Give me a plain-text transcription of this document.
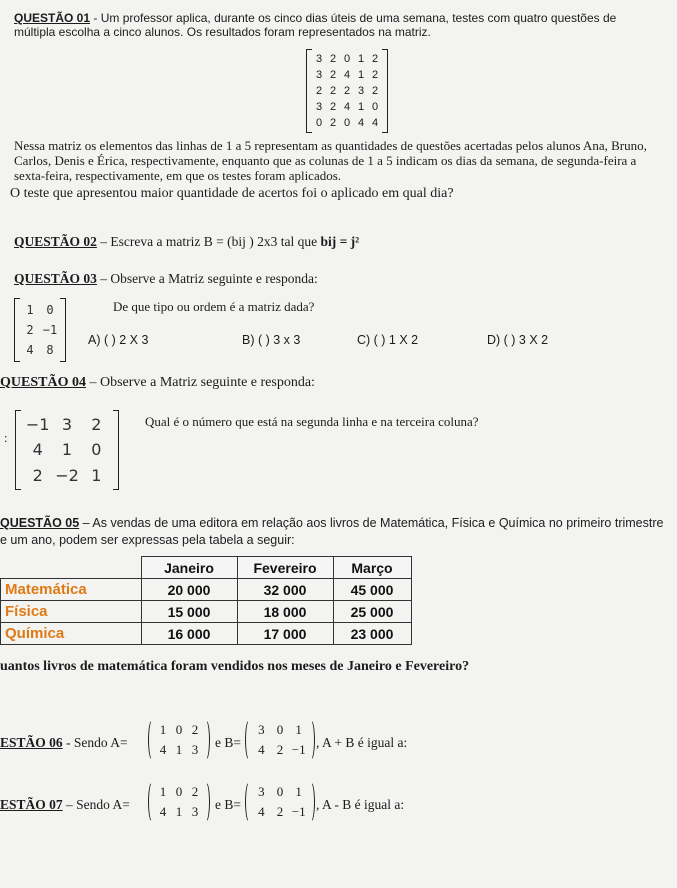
QUESTÃO 01 - Um professor aplica, durante os cinco dias úteis de uma semana, testes com quatro questões de
múltipla escolha a cinco alunos. Os resultados foram representados na matriz.
3 2 0 1 2
3 2 4 1 2
2 2 2 3 2
3 2 4 1 0
0 2 0 4 4
Nessa matriz os elementos das linhas de 1 a 5 representam as quantidades de questões acertadas pelos alunos Ana, Bruno,
Carlos, Denis e Érica, respectivamente, enquanto que as colunas de 1 a 5 indicam os dias da semana, de segunda-feira a
sexta-feira, respectivamente, em que os testes foram aplicados.
O teste que apresentou maior quantidade de acertos foi o aplicado em qual dia?
QUESTÃO 02 – Escreva a matriz B = (bij ) 2x3 tal que bij = j²
QUESTÃO 03 – Observe a Matriz seguinte e responda:
1	0
2 −1
4	8
De que tipo ou ordem é a matriz dada?
A) ( ) 2 X 3	B) ( ) 3 x 3	C) ( ) 1 X 2	D) ( ) 3 X 2
QUESTÃO 04 – Observe a Matriz seguinte e responda:
:
−1 3	2
4	1	0
2 −2 1
Qual é o número que está na segunda linha e na terceira coluna?
QUESTÃO 05 – As vendas de uma editora em relação aos livros de Matemática, Física e Química no primeiro trimestre
e um ano, podem ser expressas pela tabela a seguir:
	Janeiro	Fevereiro	Março
Matemática	20 000	32 000	45 000
Física	15 000	18 000	25 000
Química	16 000	17 000	23 000
uantos livros de matemática foram vendidos nos meses de Janeiro e Fevereiro?
ESTÃO 06 - Sendo A=
1 0 2
4 1 3	e B=
3 0 1
4 2 −1 , A + B é igual a:
ESTÃO 07 – Sendo A=
1 0 2
4 1 3	e B=
3 0 1
4 2 −1 , A - B é igual a:
